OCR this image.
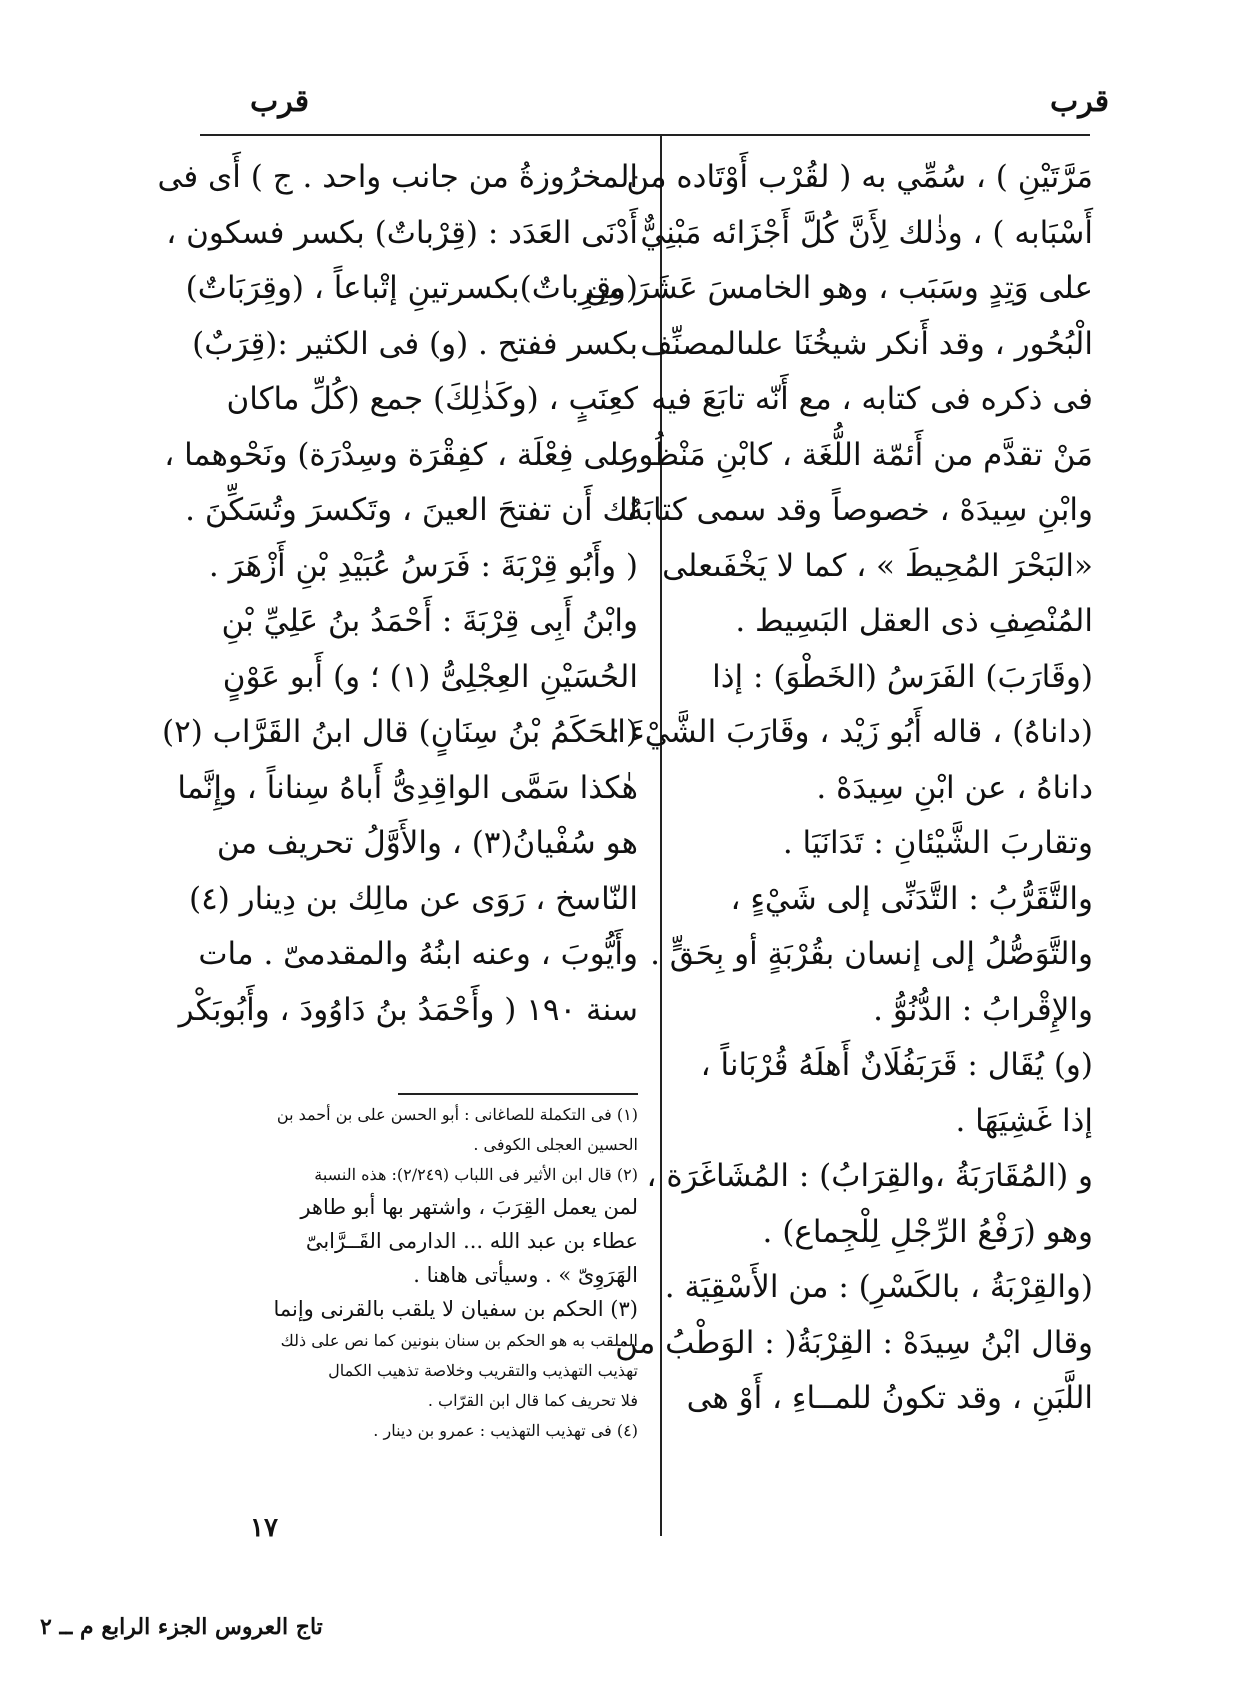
قرب
قرب
مَرَّتَيْنِ ) ، سُمِّي به ( لقُرْب أَوْتَاده من
أَسْبَابه ) ، وذٰلك لِأَنَّ كُلَّ أَجْزَائه مَبْنِيٌّ
على وَتِدٍ وسَبَب ، وهو الخامسَ عَشَرَ من
الْبُحُور ، وقد أَنكر شيخُنَا علىالمصنِّف
فى ذكره فى كتابه ، مع أَنّه تابَعَ فيه
مَنْ تقدَّم من أَئمّة اللُّغَة ، كابْنِ مَنْظُور
وابْنِ سِيدَهْ ، خصوصاً وقد سمى كتابَهٌ
«البَحْرَ المُحِيطَ » ، كما لا يَخْفَىعلى
المُنْصِفِ ذى العقل البَسِيط .
(وقَارَبَ) الفَرَسُ (الخَطْوَ) : إذا
(داناهُ) ، قاله أَبُو زَيْد ، وقَارَبَ الشَّيْءَ :
داناهُ ، عن ابْنِ سِيدَهْ .
وتقاربَ الشَّيْئانِ : تَدَانَيَا .
والتَّقَرُّبُ : التَّدَنِّى إلى شَيْءٍ ،
والتَّوَصُّلُ إلى إنسان بقُرْبَةٍ أو بِحَقٍّ .
والإِقْرابُ : الدُّنُوُّ .
(و) يُقَال : قَرَبَفُلَانٌ أَهلَهُ قُرْبَاناً ،
إذا غَشِيَهَا .
و (المُقَارَبَةُ ،والقِرَابُ) : المُشَاغَرَة ،
وهو (رَفْعُ الرِّجْلِ لِلْجِماع) .
(والقِرْبَةُ ، بالكَسْرِ) : من الأَسْقِيَة .
وقال ابْنُ سِيدَهْ : القِرْبَةُ( : الوَطْبُ من
اللَّبَنِ ، وقد تكونُ للمــاءِ ، أَوْ هى
المخرُوزةُ من جانب واحد . ج ) أَى فى
أَدْنَى العَدَد : (قِرْباتٌ) بكسر فسكون ،
(وقِرِباتٌ)بكسرتينِ إتْباعاً ، (وقِرَبَاتٌ)
بكسر ففتح . (و) فى الكثير :(قِرَبٌ)
كعِنَبٍ ، (وكَذٰلِكَ) جمع (كُلِّ ماكان
على فِعْلَة ، كفِقْرَة وسِدْرَة) ونَحْوهما ،
لك أَن تفتحَ العينَ ، وتَكسرَ وتُسَكِّنَ .
( وأَبُو قِرْبَةَ : فَرَسُ عُبَيْدِ بْنِ أَزْهَرَ .
وابْنُ أَبِى قِرْبَةَ : أَحْمَدُ بنُ عَلِيِّ بْنِ
الحُسَيْنِ العِجْلِىُّ (١) ؛ و) أَبو عَوْنٍ
(الحَكَمُ بْنُ سِنَانٍ) قال ابنُ القَرَّاب (٢)
هٰكذا سَمَّى الواقِدِىُّ أَباهُ سِناناً ، وإِنَّما
هو سُفْيانُ(٣) ، والأَوَّلُ تحريف من
النّاسخ ، رَوَى عن مالِك بن دِينار (٤)
وأَيُّوبَ ، وعنه ابنُهُ والمقدمىّ . مات
سنة ١٩٠ ( وأَحْمَدُ بنُ دَاوُودَ ، وأَبُوبَكْر
(١) فى التكملة للصاغانى : أبو الحسن على بن أحمد بن
الحسين العجلى الكوفى .
(٢) قال ابن الأثير فى اللباب (٢/٢٤٩): هذه النسبة
لمن يعمل القِرَبَ ، واشتهر بها أبو طاهر
عطاء بن عبد الله ... الدارمى القَــرَّابىّ
الهَرَوِىّ » . وسيأتى هاهنا .
(٣) الحكم بن سفيان لا يلقب بالقرنى وإنما
الملقب به هو الحكم بن سنان بنونين كما نص على ذلك
تهذيب التهذيب والتقريب وخلاصة تذهيب الكمال
فلا تحريف كما قال ابن القرّاب .
(٤) فى تهذيب التهذيب : عمرو بن دينار .
١٧
تاج العروس الجزء الرابع م ــ ٢
